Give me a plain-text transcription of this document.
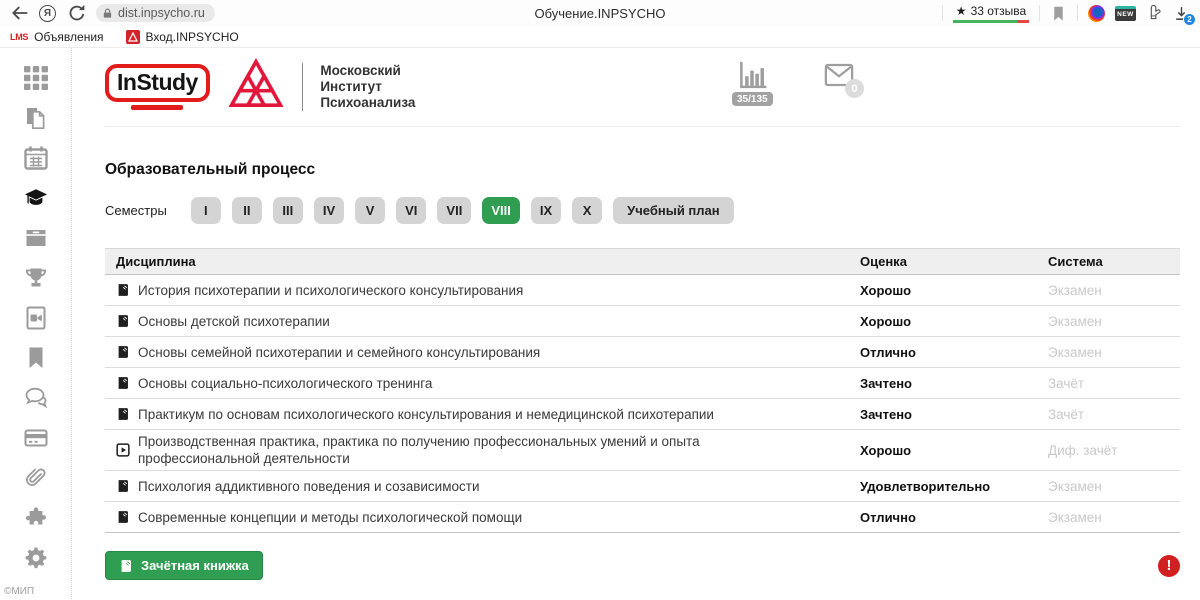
Я	dist.inpsycho.ru	Обучение.INPSYCHO	★ 33 отзыва	NEW	2
LMS Объявления	Вход.INPSYCHO
©МИП
InStudy	Московский
Институт
Психоанализа	35/135
0
Образовательный процесс
Семестры	I	II	III	IV	V	VI	VII	VIII	IX	X	Учебный план
Дисциплина	Оценка	Система
История психотерапии и психологического консультирования	Хорошо	Экзамен
Основы детской психотерапии	Хорошо	Экзамен
Основы семейной психотерапии и семейного консультирования	Отлично	Экзамен
Основы социально-психологического тренинга	Зачтено	Зачёт
Практикум по основам психологического консультирования и немедицинской психотерапии	Зачтено	Зачёт
Производственная практика, практика по получению профессиональных умений и опыта профессиональной деятельности
Хорошо	Диф. зачёт
Психология аддиктивного поведения и созависимости	Удовлетворительно	Экзамен
Современные концепции и методы психологической помощи	Отлично	Экзамен
Зачётная книжка	!
